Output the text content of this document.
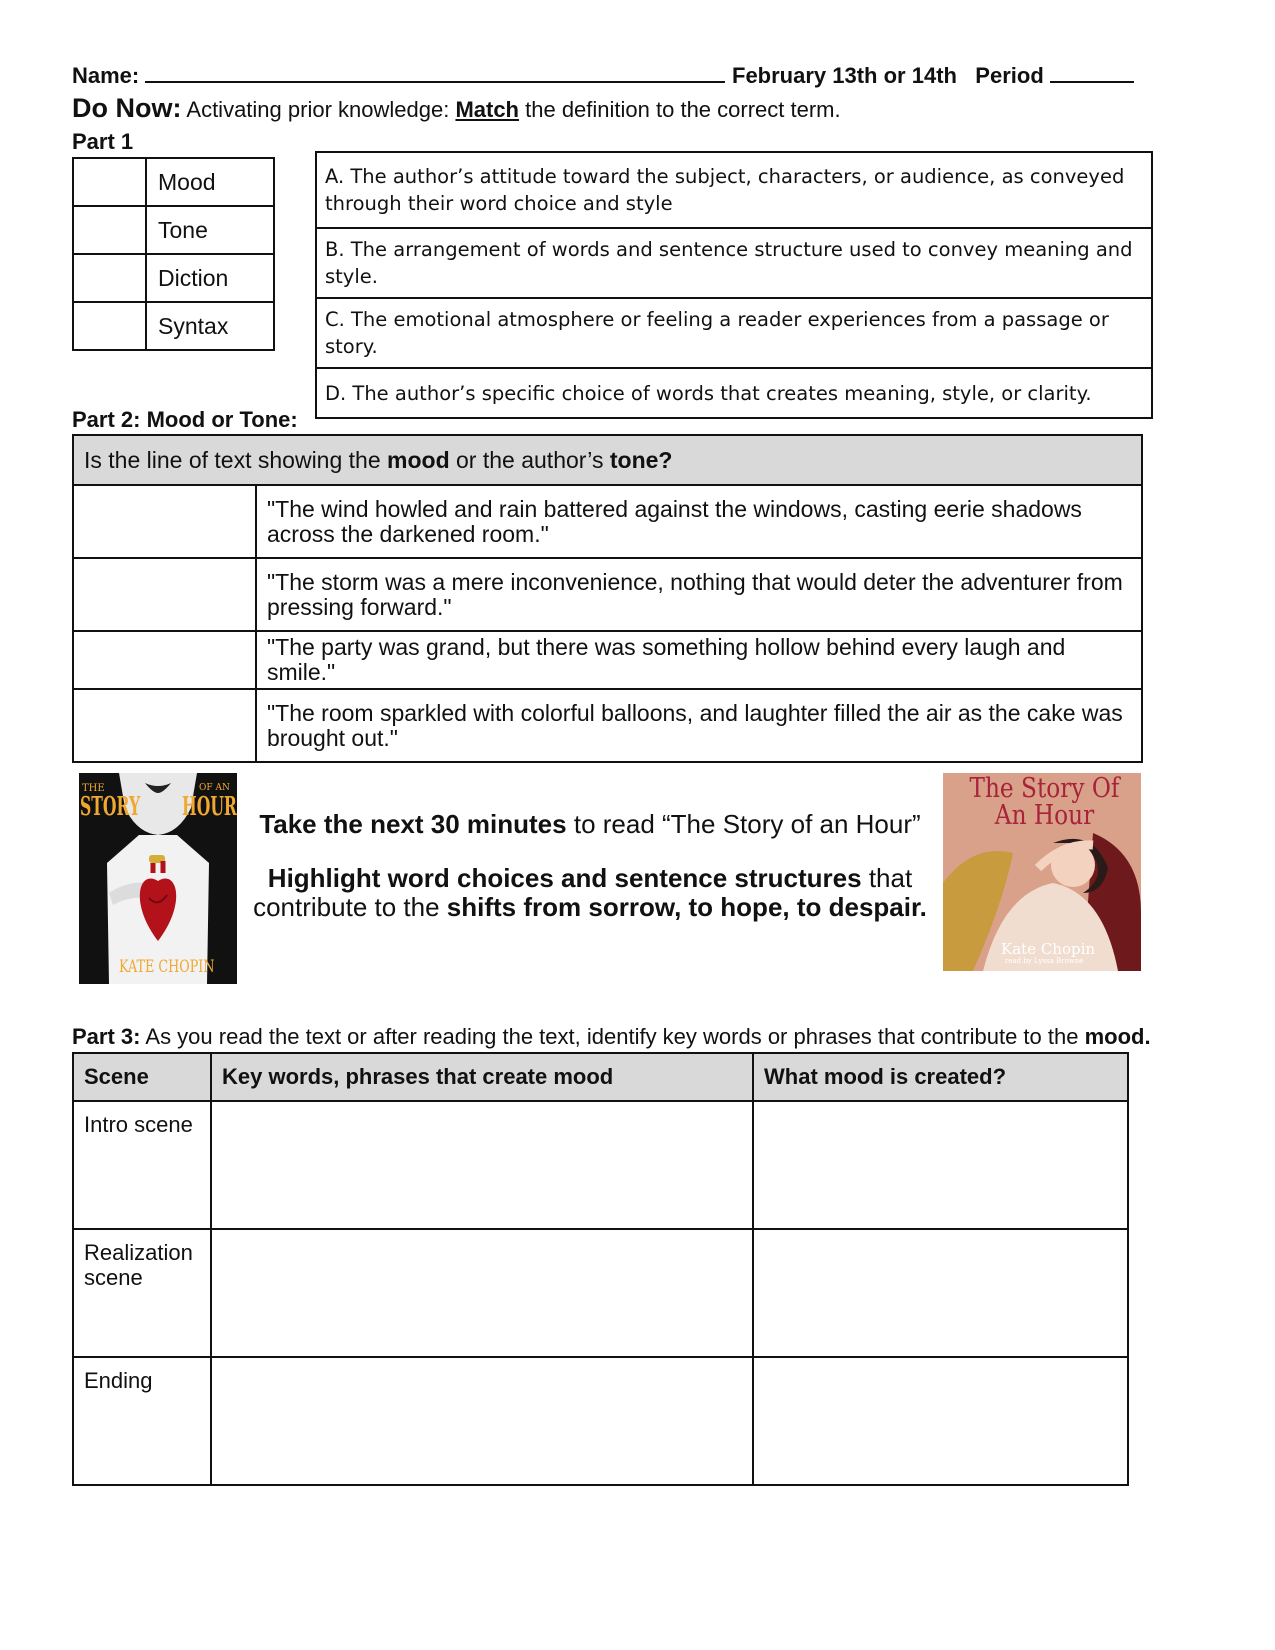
Name:	February 13th or 14th Period
Do Now: Activating prior knowledge: Match the definition to the correct term.
Part 1
	Mood
	Tone
	Diction
	Syntax
A. The author’s attitude toward the subject, characters, or audience, as conveyed through their word choice and style
B. The arrangement of words and sentence structure used to convey meaning and style.
C. The emotional atmosphere or feeling a reader experiences from a passage or story.
D. The author’s specific choice of words that creates meaning, style, or clarity.
Part 2: Mood or Tone:
Is the line of text showing the mood or the author’s tone?	
	"The wind howled and rain battered against the windows, casting eerie shadows across the darkened room."
	"The storm was a mere inconvenience, nothing that would deter the adventurer from pressing forward."
	"The party was grand, but there was something hollow behind every laugh and smile."
	"The room sparkled with colorful balloons, and laughter filled the air as the cake was brought out."
THE
STORY
OF AN
HOUR
KATE CHOPIN
Take the next 30 minutes to read “The Story of an Hour”
Highlight word choices and sentence structures that contribute to the shifts from sorrow, to hope, to despair.
The Story Of An Hour
Kate Chopin
read by Lyssa Browne
Part 3: As you read the text or after reading the text, identify key words or phrases that contribute to the mood.
Scene	Key words, phrases that create mood	What mood is created?
Intro scene		
Realization scene		
Ending		
